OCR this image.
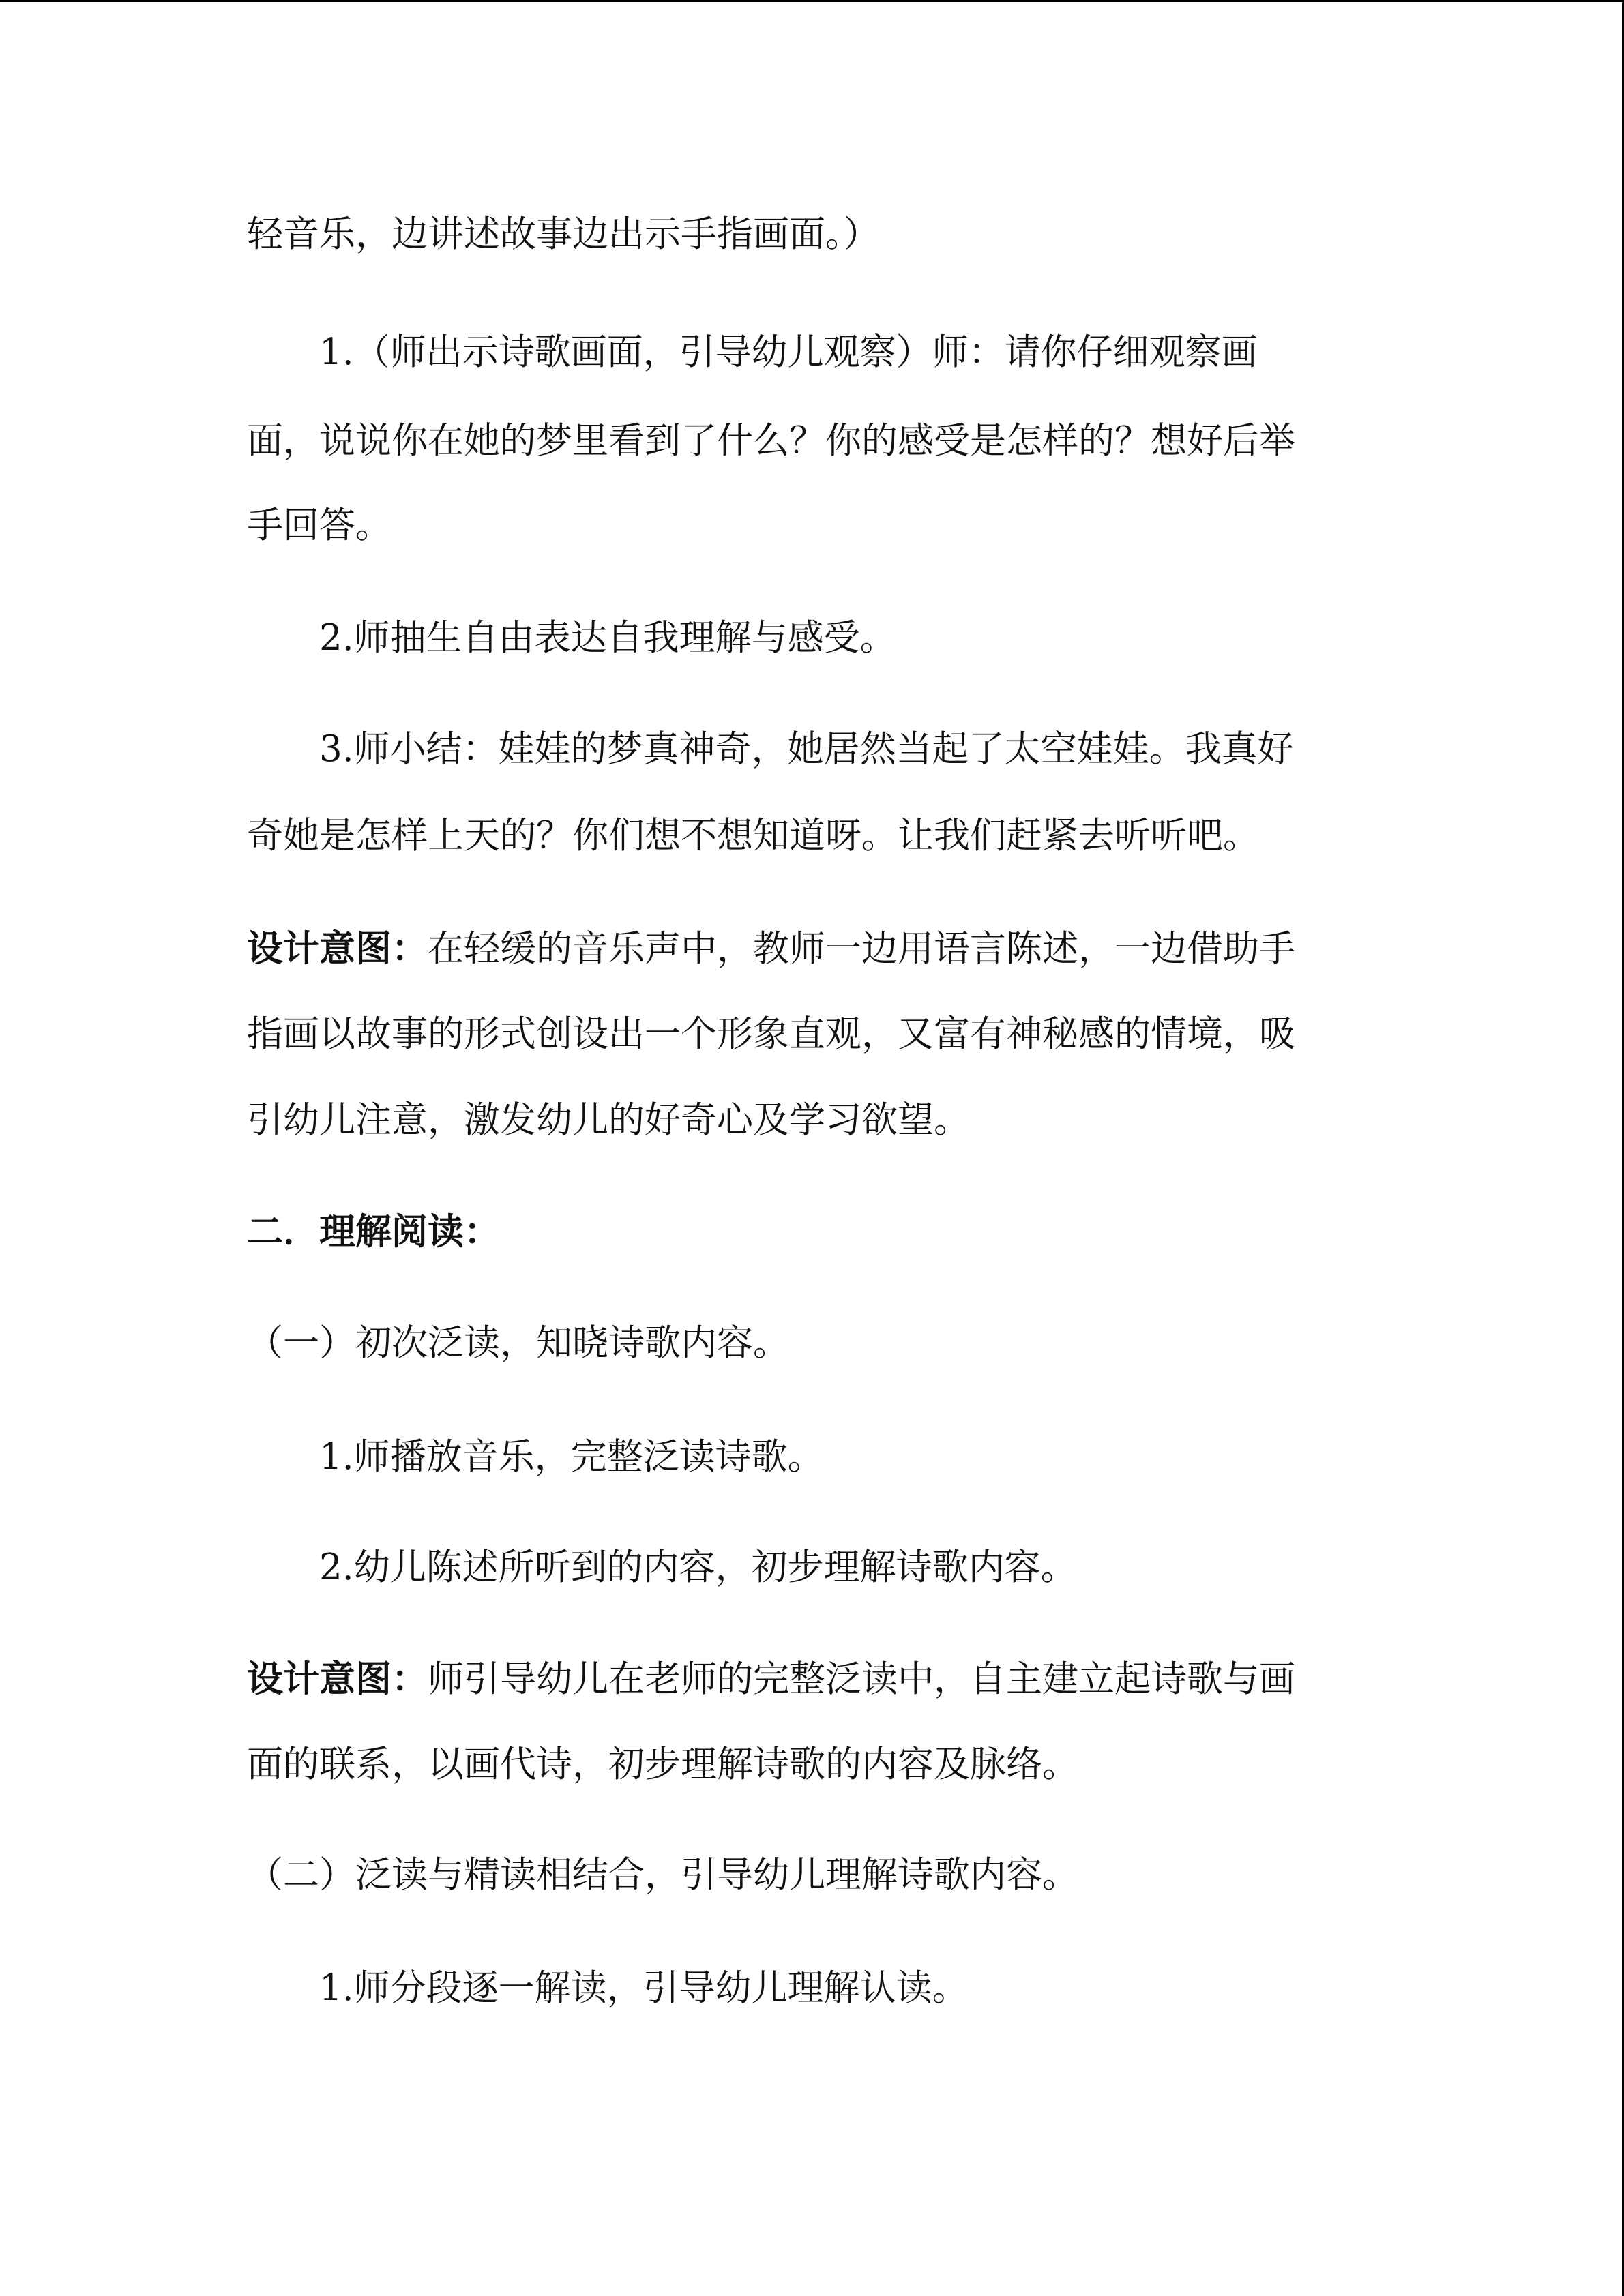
轻音乐，边讲述故事边出示手指画面。）

1.（师出示诗歌画面，引导幼儿观察）师：请你仔细观察画

面，说说你在她的梦里看到了什么？你的感受是怎样的？想好后举

手回答。

2.师抽生自由表达自我理解与感受。

3.师小结：娃娃的梦真神奇，她居然当起了太空娃娃。我真好

奇她是怎样上天的？你们想不想知道呀。让我们赶紧去听听吧。

设计意图：在轻缓的音乐声中，教师一边用语言陈述，一边借助手

指画以故事的形式创设出一个形象直观，又富有神秘感的情境，吸

引幼儿注意，激发幼儿的好奇心及学习欲望。

二．理解阅读：

（一）初次泛读，知晓诗歌内容。

1.师播放音乐，完整泛读诗歌。

2.幼儿陈述所听到的内容，初步理解诗歌内容。

设计意图：师引导幼儿在老师的完整泛读中，自主建立起诗歌与画

面的联系，以画代诗，初步理解诗歌的内容及脉络。

（二）泛读与精读相结合，引导幼儿理解诗歌内容。

1.师分段逐一解读，引导幼儿理解认读。
